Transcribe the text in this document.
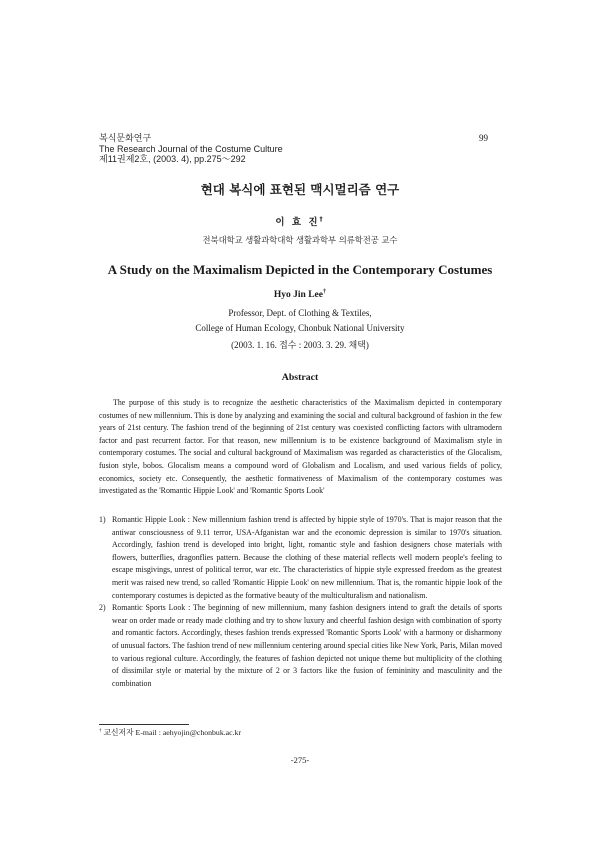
복식문화연구
The Research Journal of the Costume Culture
제11권제2호, (2003. 4), pp.275～292
99
현대 복식에 표현된 맥시멀리즘 연구
이 효 진†
전북대학교 생활과학대학 생활과학부 의류학전공 교수
A Study on the Maximalism Depicted in the Contemporary Costumes
Hyo Jin Lee†
Professor, Dept. of Clothing & Textiles,
College of Human Ecology, Chonbuk National University
(2003. 1. 16. 접수 : 2003. 3. 29. 채택)
Abstract

The purpose of this study is to recognize the aesthetic characteristics of the Maximalism depicted in contemporary costumes of new millennium. This is done by analyzing and examining the social and cultural background of fashion in the few years of 21st century. The fashion trend of the beginning of 21st century was coexisted conflicting factors with ultramodern factor and past recurrent factor. For that reason, new millennium is to be existence background of Maximalism style in contemporary costumes. The social and cultural background of Maximalism was regarded as characteristics of the Glocalism, fusion style, bobos. Glocalism means a compound word of Globalism and Localism, and used various fields of policy, economics, society etc. Consequently, the aesthetic formativeness of Maximalism of the contemporary costumes was investigated as the 'Romantic Hippie Look' and 'Romantic Sports Look'

1) Romantic Hippie Look : New millennium fashion trend is affected by hippie style of 1970's. That is major reason that the antiwar consciousness of 9.11 terror, USA-Afganistan war and the economic depression is similar to 1970's situation. Accordingly, fashion trend is developed into bright, light, romantic style and fashion designers chose materials with flowers, butterflies, dragonflies pattern. Because the clothing of these material reflects well modern people's feeling to escape misgivings, unrest of political terror, war etc. The characteristics of hippie style expressed freedom as the greatest merit was raised new trend, so called 'Romantic Hippie Look' on new millennium. That is, the romantic hippie look of the contemporary costumes is depicted as the formative beauty of the multiculturalism and nationalism.
2) Romantic Sports Look : The beginning of new millennium, many fashion designers intend to graft the details of sports wear on order made or ready made clothing and try to show luxury and cheerful fashion design with combination of sporty and romantic factors. Accordingly, theses fashion trends expressed 'Romantic Sports Look' with a harmony or disharmony of unusual factors. The fashion trend of new millennium centering around special cities like New York, Paris, Milan moved to various regional culture. Accordingly, the features of fashion depicted not unique theme but multiplicity of the clothing of dissimilar style or material by the mixture of 2 or 3 factors like the fusion of femininity and masculinity and the combination
† 교신저자 E-mail : aehyojin@chonbuk.ac.kr
-275-
